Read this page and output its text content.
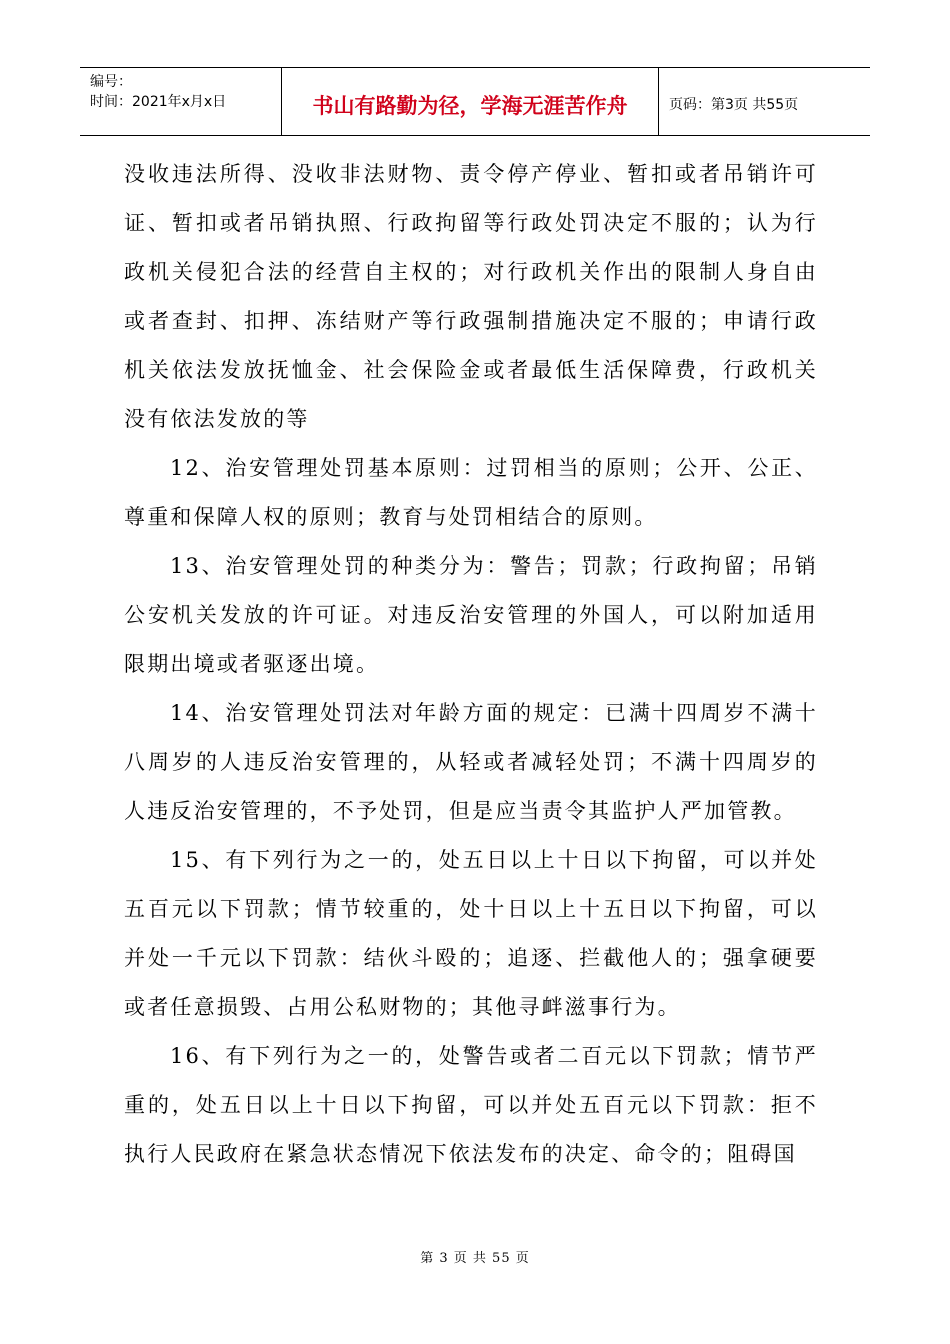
编号：
时间：2021年x月x日	书山有路勤为径，学海无涯苦作舟	页码：第3页 共55页

没收违法所得、没收非法财物、责令停产停业、暂扣或者吊销许可证、暂扣或者吊销执照、行政拘留等行政处罚决定不服的；认为行政机关侵犯合法的经营自主权的；对行政机关作出的限制人身自由或者查封、扣押、冻结财产等行政强制措施决定不服的；申请行政机关依法发放抚恤金、社会保险金或者最低生活保障费，行政机关没有依法发放的等

12、治安管理处罚基本原则：过罚相当的原则；公开、公正、尊重和保障人权的原则；教育与处罚相结合的原则。

13、治安管理处罚的种类分为：警告；罚款；行政拘留；吊销公安机关发放的许可证。对违反治安管理的外国人，可以附加适用限期出境或者驱逐出境。

14、治安管理处罚法对年龄方面的规定：已满十四周岁不满十八周岁的人违反治安管理的，从轻或者减轻处罚；不满十四周岁的人违反治安管理的，不予处罚，但是应当责令其监护人严加管教。

15、有下列行为之一的，处五日以上十日以下拘留，可以并处五百元以下罚款；情节较重的，处十日以上十五日以下拘留，可以并处一千元以下罚款：结伙斗殴的；追逐、拦截他人的；强拿硬要或者任意损毁、占用公私财物的；其他寻衅滋事行为。

16、有下列行为之一的，处警告或者二百元以下罚款；情节严重的，处五日以上十日以下拘留，可以并处五百元以下罚款：拒不执行人民政府在紧急状态情况下依法发布的决定、命令的；阻碍国

第 3 页 共 55 页
